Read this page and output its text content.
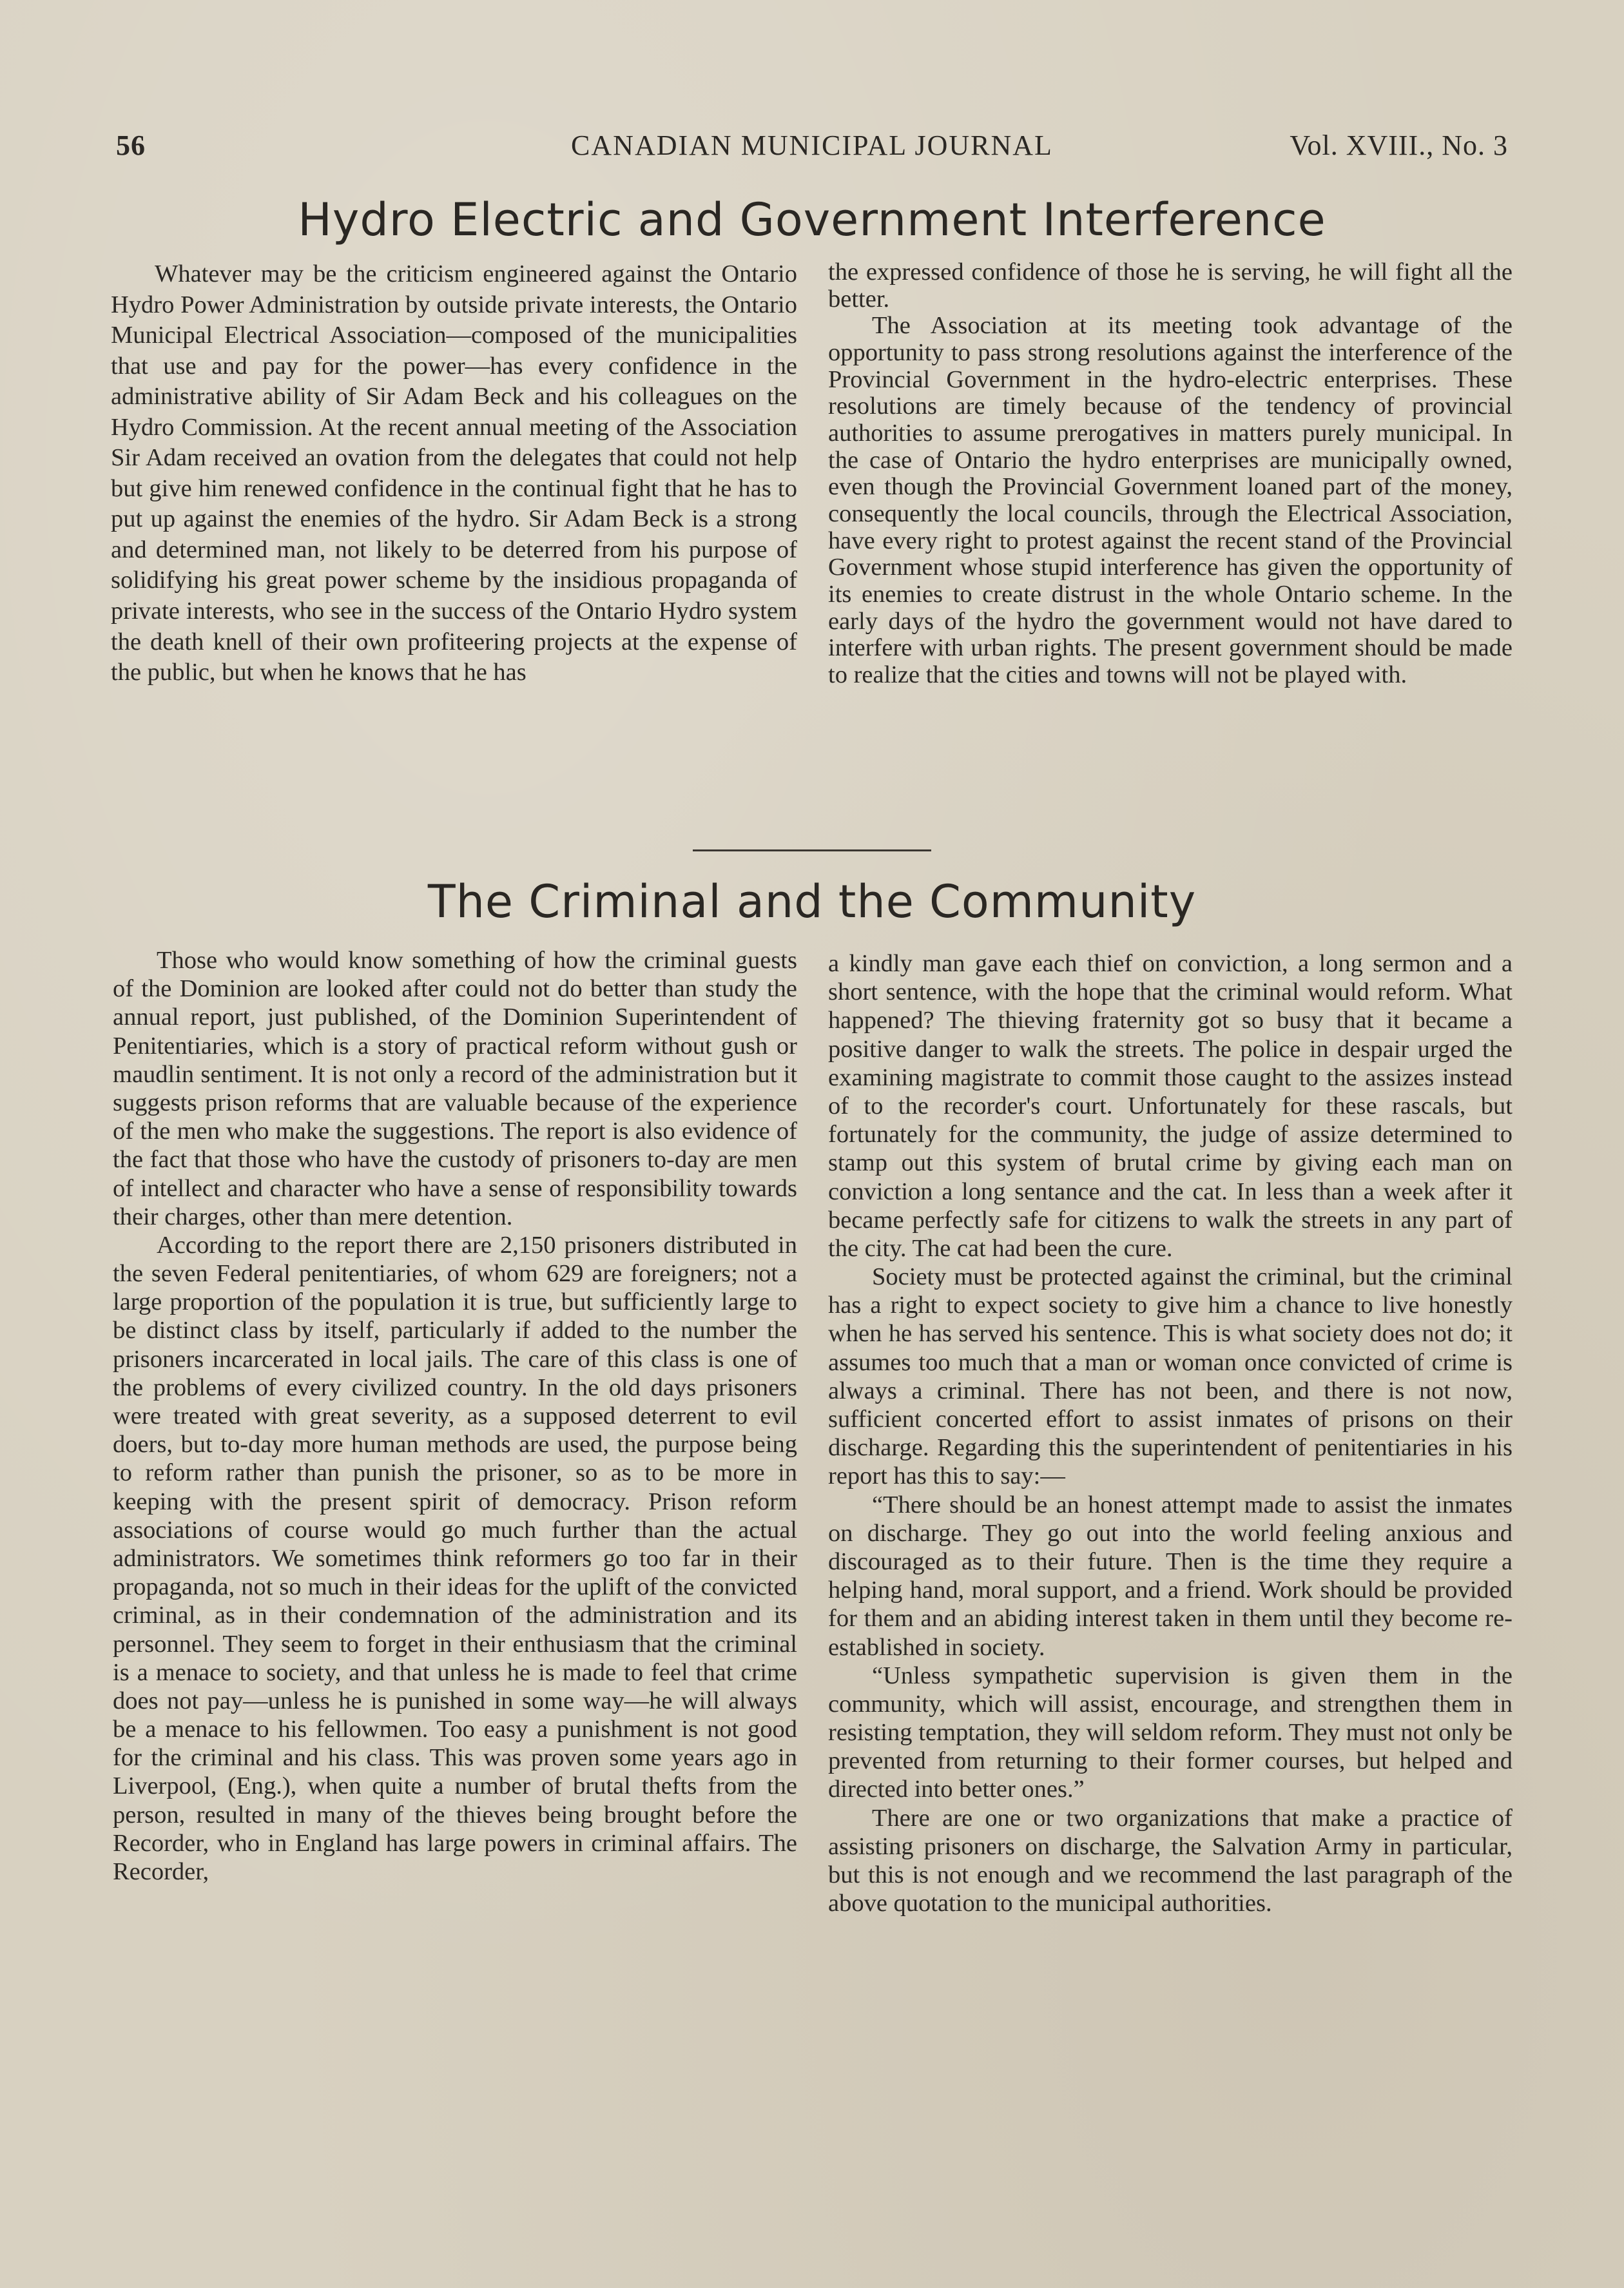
56	CANADIAN MUNICIPAL JOURNAL	Vol. XVIII., No. 3
Hydro Electric and Government Interference

Whatever may be the criticism engineered against the Ontario Hydro Power Administration by outside private interests, the Ontario Municipal Electrical Association—composed of the municipalities that use and pay for the power—has every confidence in the administrative ability of Sir Adam Beck and his colleagues on the Hydro Commission. At the recent annual meeting of the Association Sir Adam received an ovation from the delegates that could not help but give him renewed confidence in the continual fight that he has to put up against the enemies of the hydro. Sir Adam Beck is a strong and determined man, not likely to be deterred from his purpose of solidifying his great power scheme by the insidious propaganda of private interests, who see in the success of the Ontario Hydro system the death knell of their own profiteering projects at the expense of the public, but when he knows that he has

the expressed confidence of those he is serving, he will fight all the better.

The Association at its meeting took advantage of the opportunity to pass strong resolutions against the interference of the Provincial Government in the hydro-electric enterprises. These resolutions are timely because of the tendency of provincial authorities to assume prerogatives in matters purely municipal. In the case of Ontario the hydro enterprises are municipally owned, even though the Provincial Government loaned part of the money, consequently the local councils, through the Electrical Association, have every right to protest against the recent stand of the Provincial Government whose stupid interference has given the opportunity of its enemies to create distrust in the whole Ontario scheme. In the early days of the hydro the government would not have dared to interfere with urban rights. The present government should be made to realize that the cities and towns will not be played with.

The Criminal and the Community

Those who would know something of how the criminal guests of the Dominion are looked after could not do better than study the annual report, just published, of the Dominion Superintendent of Penitentiaries, which is a story of practical reform without gush or maudlin sentiment. It is not only a record of the administration but it suggests prison reforms that are valuable because of the experience of the men who make the suggestions. The report is also evidence of the fact that those who have the custody of prisoners to-day are men of intellect and character who have a sense of responsibility towards their charges, other than mere detention.

According to the report there are 2,150 prisoners distributed in the seven Federal penitentiaries, of whom 629 are foreigners; not a large proportion of the population it is true, but sufficiently large to be distinct class by itself, particularly if added to the number the prisoners incarcerated in local jails. The care of this class is one of the problems of every civilized country. In the old days prisoners were treated with great severity, as a supposed deterrent to evil doers, but to-day more human methods are used, the purpose being to reform rather than punish the prisoner, so as to be more in keeping with the present spirit of democracy. Prison reform associations of course would go much further than the actual administrators. We sometimes think reformers go too far in their propaganda, not so much in their ideas for the uplift of the convicted criminal, as in their condemnation of the administration and its personnel. They seem to forget in their enthusiasm that the criminal is a menace to society, and that unless he is made to feel that crime does not pay—unless he is punished in some way—he will always be a menace to his fellowmen. Too easy a punishment is not good for the criminal and his class. This was proven some years ago in Liverpool, (Eng.), when quite a number of brutal thefts from the person, resulted in many of the thieves being brought before the Recorder, who in England has large powers in criminal affairs. The Recorder,

a kindly man gave each thief on conviction, a long sermon and a short sentence, with the hope that the criminal would reform. What happened? The thieving fraternity got so busy that it became a positive danger to walk the streets. The police in despair urged the examining magistrate to commit those caught to the assizes instead of to the recorder's court. Unfortunately for these rascals, but fortunately for the community, the judge of assize determined to stamp out this system of brutal crime by giving each man on conviction a long sentance and the cat. In less than a week after it became perfectly safe for citizens to walk the streets in any part of the city. The cat had been the cure.

Society must be protected against the criminal, but the criminal has a right to expect society to give him a chance to live honestly when he has served his sentence. This is what society does not do; it assumes too much that a man or woman once convicted of crime is always a criminal. There has not been, and there is not now, sufficient concerted effort to assist inmates of prisons on their discharge. Regarding this the superintendent of penitentiaries in his report has this to say:—

“There should be an honest attempt made to assist the inmates on discharge. They go out into the world feeling anxious and discouraged as to their future. Then is the time they require a helping hand, moral support, and a friend. Work should be provided for them and an abiding interest taken in them until they become re-established in society.

“Unless sympathetic supervision is given them in the community, which will assist, encourage, and strengthen them in resisting temptation, they will seldom reform. They must not only be prevented from returning to their former courses, but helped and directed into better ones.”

There are one or two organizations that make a practice of assisting prisoners on discharge, the Salvation Army in particular, but this is not enough and we recommend the last paragraph of the above quotation to the municipal authorities.
